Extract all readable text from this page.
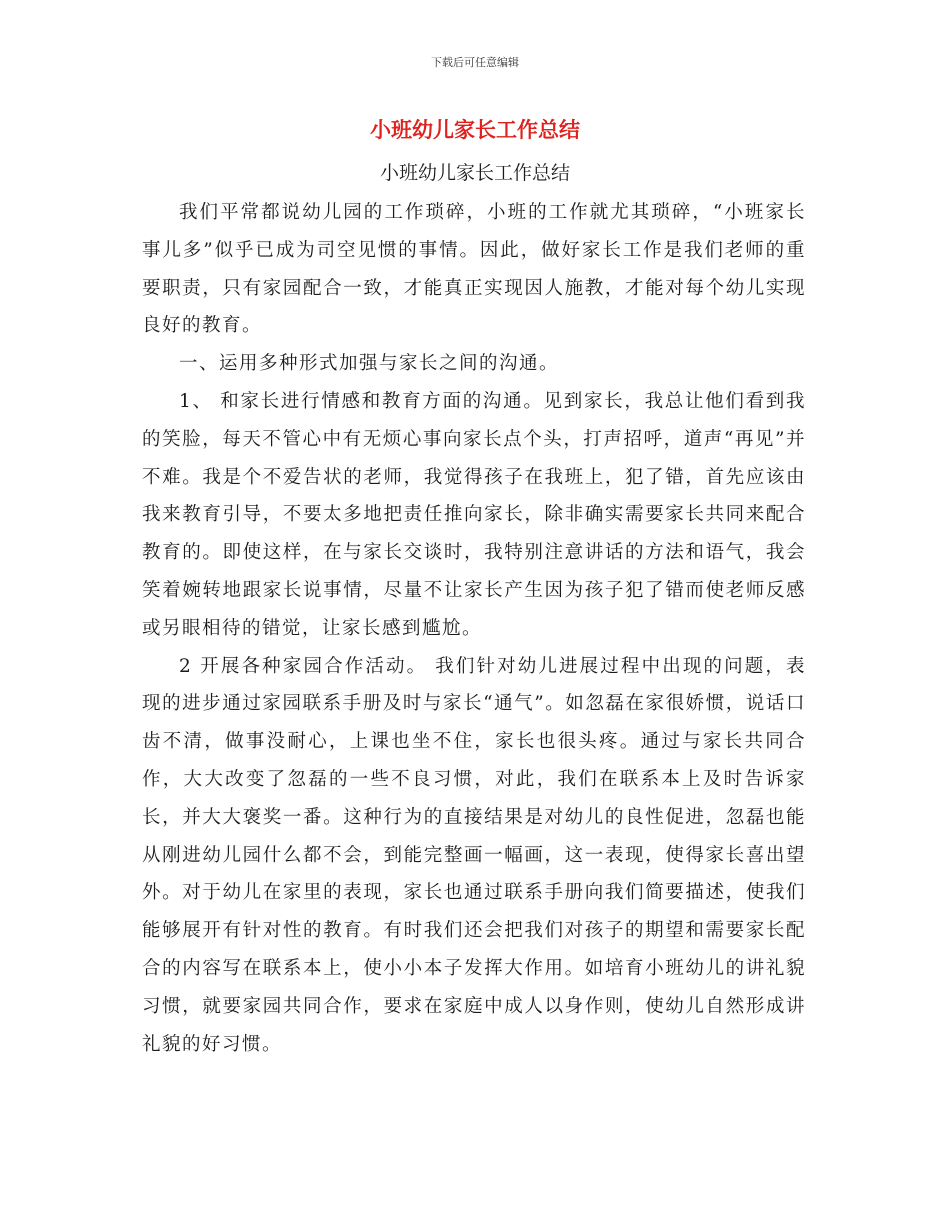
下载后可任意编辑
小班幼儿家长工作总结
小班幼儿家长工作总结

我们平常都说幼儿园的工作琐碎，小班的工作就尤其琐碎，“小班家长事儿多”似乎已成为司空见惯的事情。因此，做好家长工作是我们老师的重要职责，只有家园配合一致，才能真正实现因人施教，才能对每个幼儿实现良好的教育。

一、运用多种形式加强与家长之间的沟通。

1、 和家长进行情感和教育方面的沟通。见到家长，我总让他们看到我的笑脸，每天不管心中有无烦心事向家长点个头，打声招呼，道声“再见”并不难。我是个不爱告状的老师，我觉得孩子在我班上，犯了错，首先应该由我来教育引导，不要太多地把责任推向家长，除非确实需要家长共同来配合教育的。即使这样，在与家长交谈时，我特别注意讲话的方法和语气，我会笑着婉转地跟家长说事情，尽量不让家长产生因为孩子犯了错而使老师反感或另眼相待的错觉，让家长感到尴尬。

2 开展各种家园合作活动。 我们针对幼儿进展过程中出现的问题，表现的进步通过家园联系手册及时与家长“通气”。如忽磊在家很娇惯，说话口齿不清，做事没耐心，上课也坐不住，家长也很头疼。通过与家长共同合作，大大改变了忽磊的一些不良习惯，对此，我们在联系本上及时告诉家长，并大大褒奖一番。这种行为的直接结果是对幼儿的良性促进，忽磊也能从刚进幼儿园什么都不会，到能完整画一幅画，这一表现，使得家长喜出望外。对于幼儿在家里的表现，家长也通过联系手册向我们简要描述，使我们能够展开有针对性的教育。有时我们还会把我们对孩子的期望和需要家长配合的内容写在联系本上，使小小本子发挥大作用。如培育小班幼儿的讲礼貌习惯，就要家园共同合作，要求在家庭中成人以身作则，使幼儿自然形成讲礼貌的好习惯。
